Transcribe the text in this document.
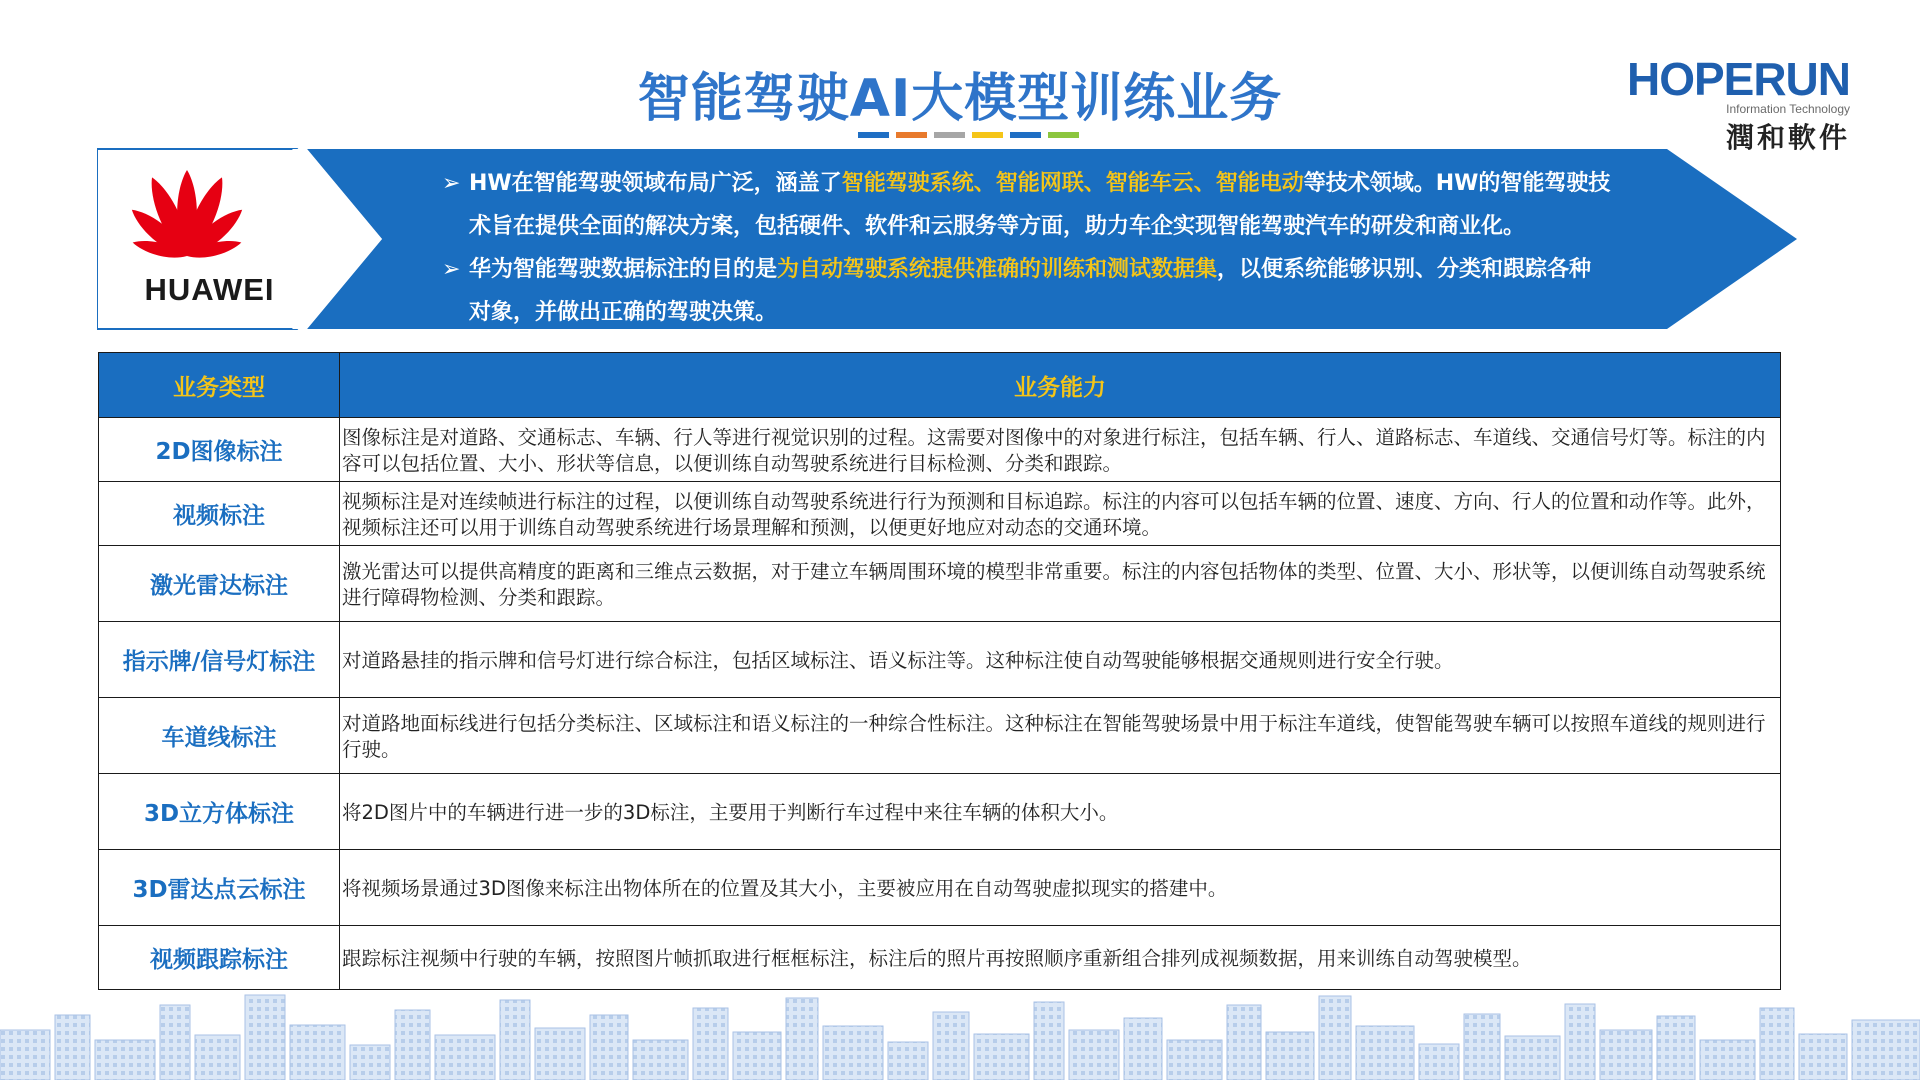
智能驾驶AI大模型训练业务	HOPERUN
Information Technology
潤和軟件
HUAWEI

➢ HW在智能驾驶领域布局广泛，涵盖了智能驾驶系统、智能网联、智能车云、智能电动等技术领域。HW的智能驾驶技

术旨在提供全面的解决方案，包括硬件、软件和云服务等方面，助力车企实现智能驾驶汽车的研发和商业化。

➢ 华为智能驾驶数据标注的目的是为自动驾驶系统提供准确的训练和测试数据集，以便系统能够识别、分类和跟踪各种

对象，并做出正确的驾驶决策。

业务类型	业务能力
2D图像标注	图像标注是对道路、交通标志、车辆、行人等进行视觉识别的过程。这需要对图像中的对象进行标注，包括车辆、行人、道路标志、车道线、交通信号灯等。标注的内容可以包括位置、大小、形状等信息，以便训练自动驾驶系统进行目标检测、分类和跟踪。
视频标注	视频标注是对连续帧进行标注的过程，以便训练自动驾驶系统进行行为预测和目标追踪。标注的内容可以包括车辆的位置、速度、方向、行人的位置和动作等。此外，视频标注还可以用于训练自动驾驶系统进行场景理解和预测，以便更好地应对动态的交通环境。
激光雷达标注	激光雷达可以提供高精度的距离和三维点云数据，对于建立车辆周围环境的模型非常重要。标注的内容包括物体的类型、位置、大小、形状等，以便训练自动驾驶系统进行障碍物检测、分类和跟踪。
指示牌/信号灯标注	对道路悬挂的指示牌和信号灯进行综合标注，包括区域标注、语义标注等。这种标注使自动驾驶能够根据交通规则进行安全行驶。
车道线标注	对道路地面标线进行包括分类标注、区域标注和语义标注的一种综合性标注。这种标注在智能驾驶场景中用于标注车道线，使智能驾驶车辆可以按照车道线的规则进行行驶。
3D立方体标注	将2D图片中的车辆进行进一步的3D标注，主要用于判断行车过程中来往车辆的体积大小。
3D雷达点云标注	将视频场景通过3D图像来标注出物体所在的位置及其大小，主要被应用在自动驾驶虚拟现实的搭建中。
视频跟踪标注	跟踪标注视频中行驶的车辆，按照图片帧抓取进行框框标注，标注后的照片再按照顺序重新组合排列成视频数据，用来训练自动驾驶模型。
